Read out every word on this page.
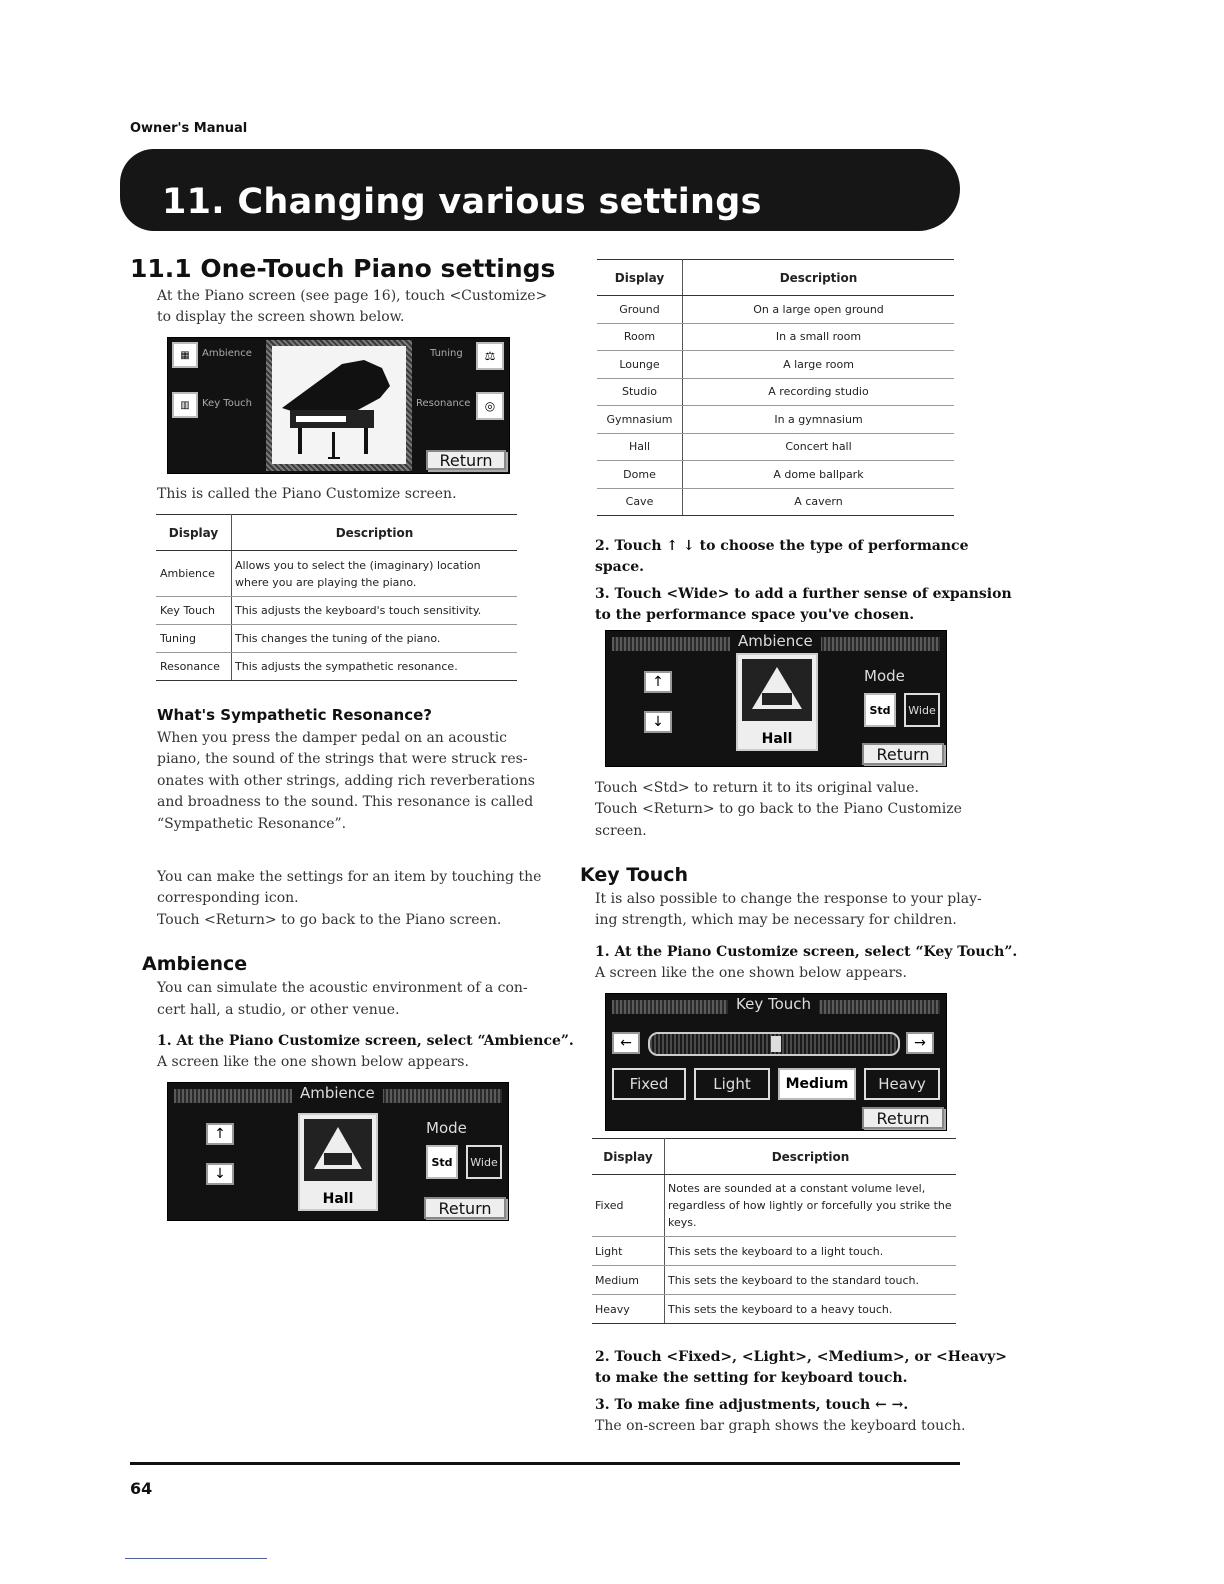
Owner's Manual
11. Changing various settings
11.1 One-Touch Piano settings
At the Piano screen (see page 16), touch <Customize>
to display the screen shown below.
▦	Ambience
▥	Key Touch
Tuning	⚖
Resonance	◎
Return
This is called the Piano Customize screen.
Display	Description
Ambience	Allows you to select the (imaginary) location where you are playing the piano.
Key Touch	This adjusts the keyboard's touch sensitivity.
Tuning	This changes the tuning of the piano.
Resonance	This adjusts the sympathetic resonance.
What's Sympathetic Resonance?
When you press the damper pedal on an acoustic
piano, the sound of the strings that were struck res-
onates with other strings, adding rich reverberations
and broadness to the sound. This resonance is called
“Sympathetic Resonance”.
You can make the settings for an item by touching the
corresponding icon.
Touch <Return> to go back to the Piano screen.
Ambience
You can simulate the acoustic environment of a con-
cert hall, a studio, or other venue.
1. At the Piano Customize screen, select “Ambience”.
A screen like the one shown below appears.
Ambience
↑
↓
Hall
Mode
Std	Wide
Return
Display	Description
Ground	On a large open ground
Room	In a small room
Lounge	A large room
Studio	A recording studio
Gymnasium	In a gymnasium
Hall	Concert hall
Dome	A dome ballpark
Cave	A cavern
2. Touch ↑ ↓ to choose the type of performance
space.
3. Touch <Wide> to add a further sense of expansion
to the performance space you've chosen.
Ambience
↑
↓
Hall
Mode
Std	Wide
Return
Touch <Std> to return it to its original value.
Touch <Return> to go back to the Piano Customize
screen.
Key Touch
It is also possible to change the response to your play-
ing strength, which may be necessary for children.
1. At the Piano Customize screen, select “Key Touch”.
A screen like the one shown below appears.
Key Touch
←	→
Fixed	Light	Medium	Heavy
Return
Display	Description
Fixed	Notes are sounded at a constant volume level, regardless of how lightly or forcefully you strike the keys.
Light	This sets the keyboard to a light touch.
Medium	This sets the keyboard to the standard touch.
Heavy	This sets the keyboard to a heavy touch.
2. Touch <Fixed>, <Light>, <Medium>, or <Heavy>
to make the setting for keyboard touch.
3. To make fine adjustments, touch ← →.
The on-screen bar graph shows the keyboard touch.
64
